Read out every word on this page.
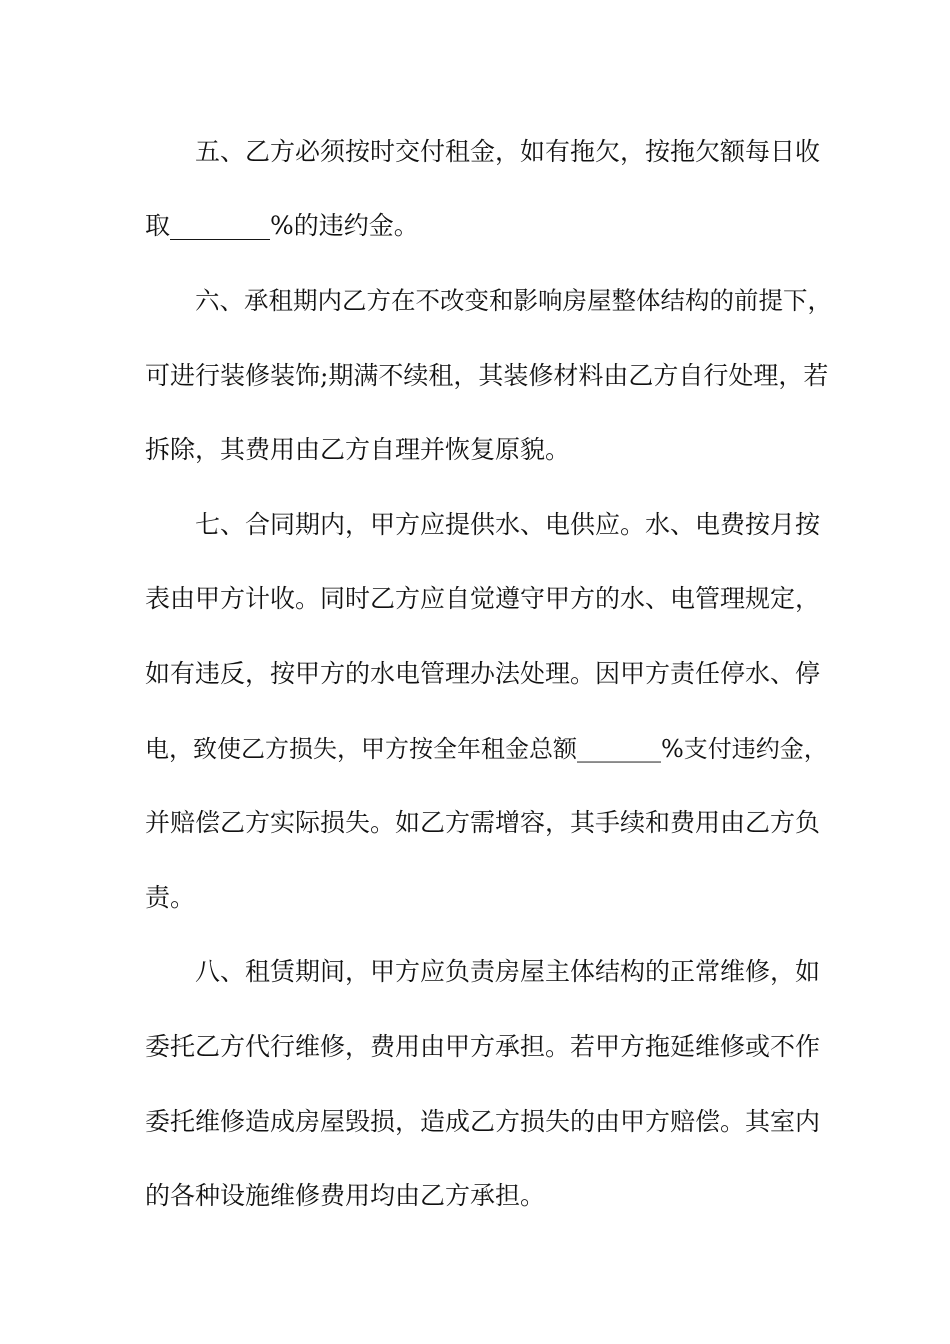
五、乙方必须按时交付租金，如有拖欠，按拖欠额每日收
取________%的违约金。
六、承租期内乙方在不改变和影响房屋整体结构的前提下，
可进行装修装饰;期满不续租，其装修材料由乙方自行处理，若
拆除，其费用由乙方自理并恢复原貌。
七、合同期内，甲方应提供水、电供应。水、电费按月按
表由甲方计收。同时乙方应自觉遵守甲方的水、电管理规定，
如有违反，按甲方的水电管理办法处理。因甲方责任停水、停
电，致使乙方损失，甲方按全年租金总额_______%支付违约金，
并赔偿乙方实际损失。如乙方需增容，其手续和费用由乙方负
责。
八、租赁期间，甲方应负责房屋主体结构的正常维修，如
委托乙方代行维修，费用由甲方承担。若甲方拖延维修或不作
委托维修造成房屋毁损，造成乙方损失的由甲方赔偿。其室内
的各种设施维修费用均由乙方承担。
